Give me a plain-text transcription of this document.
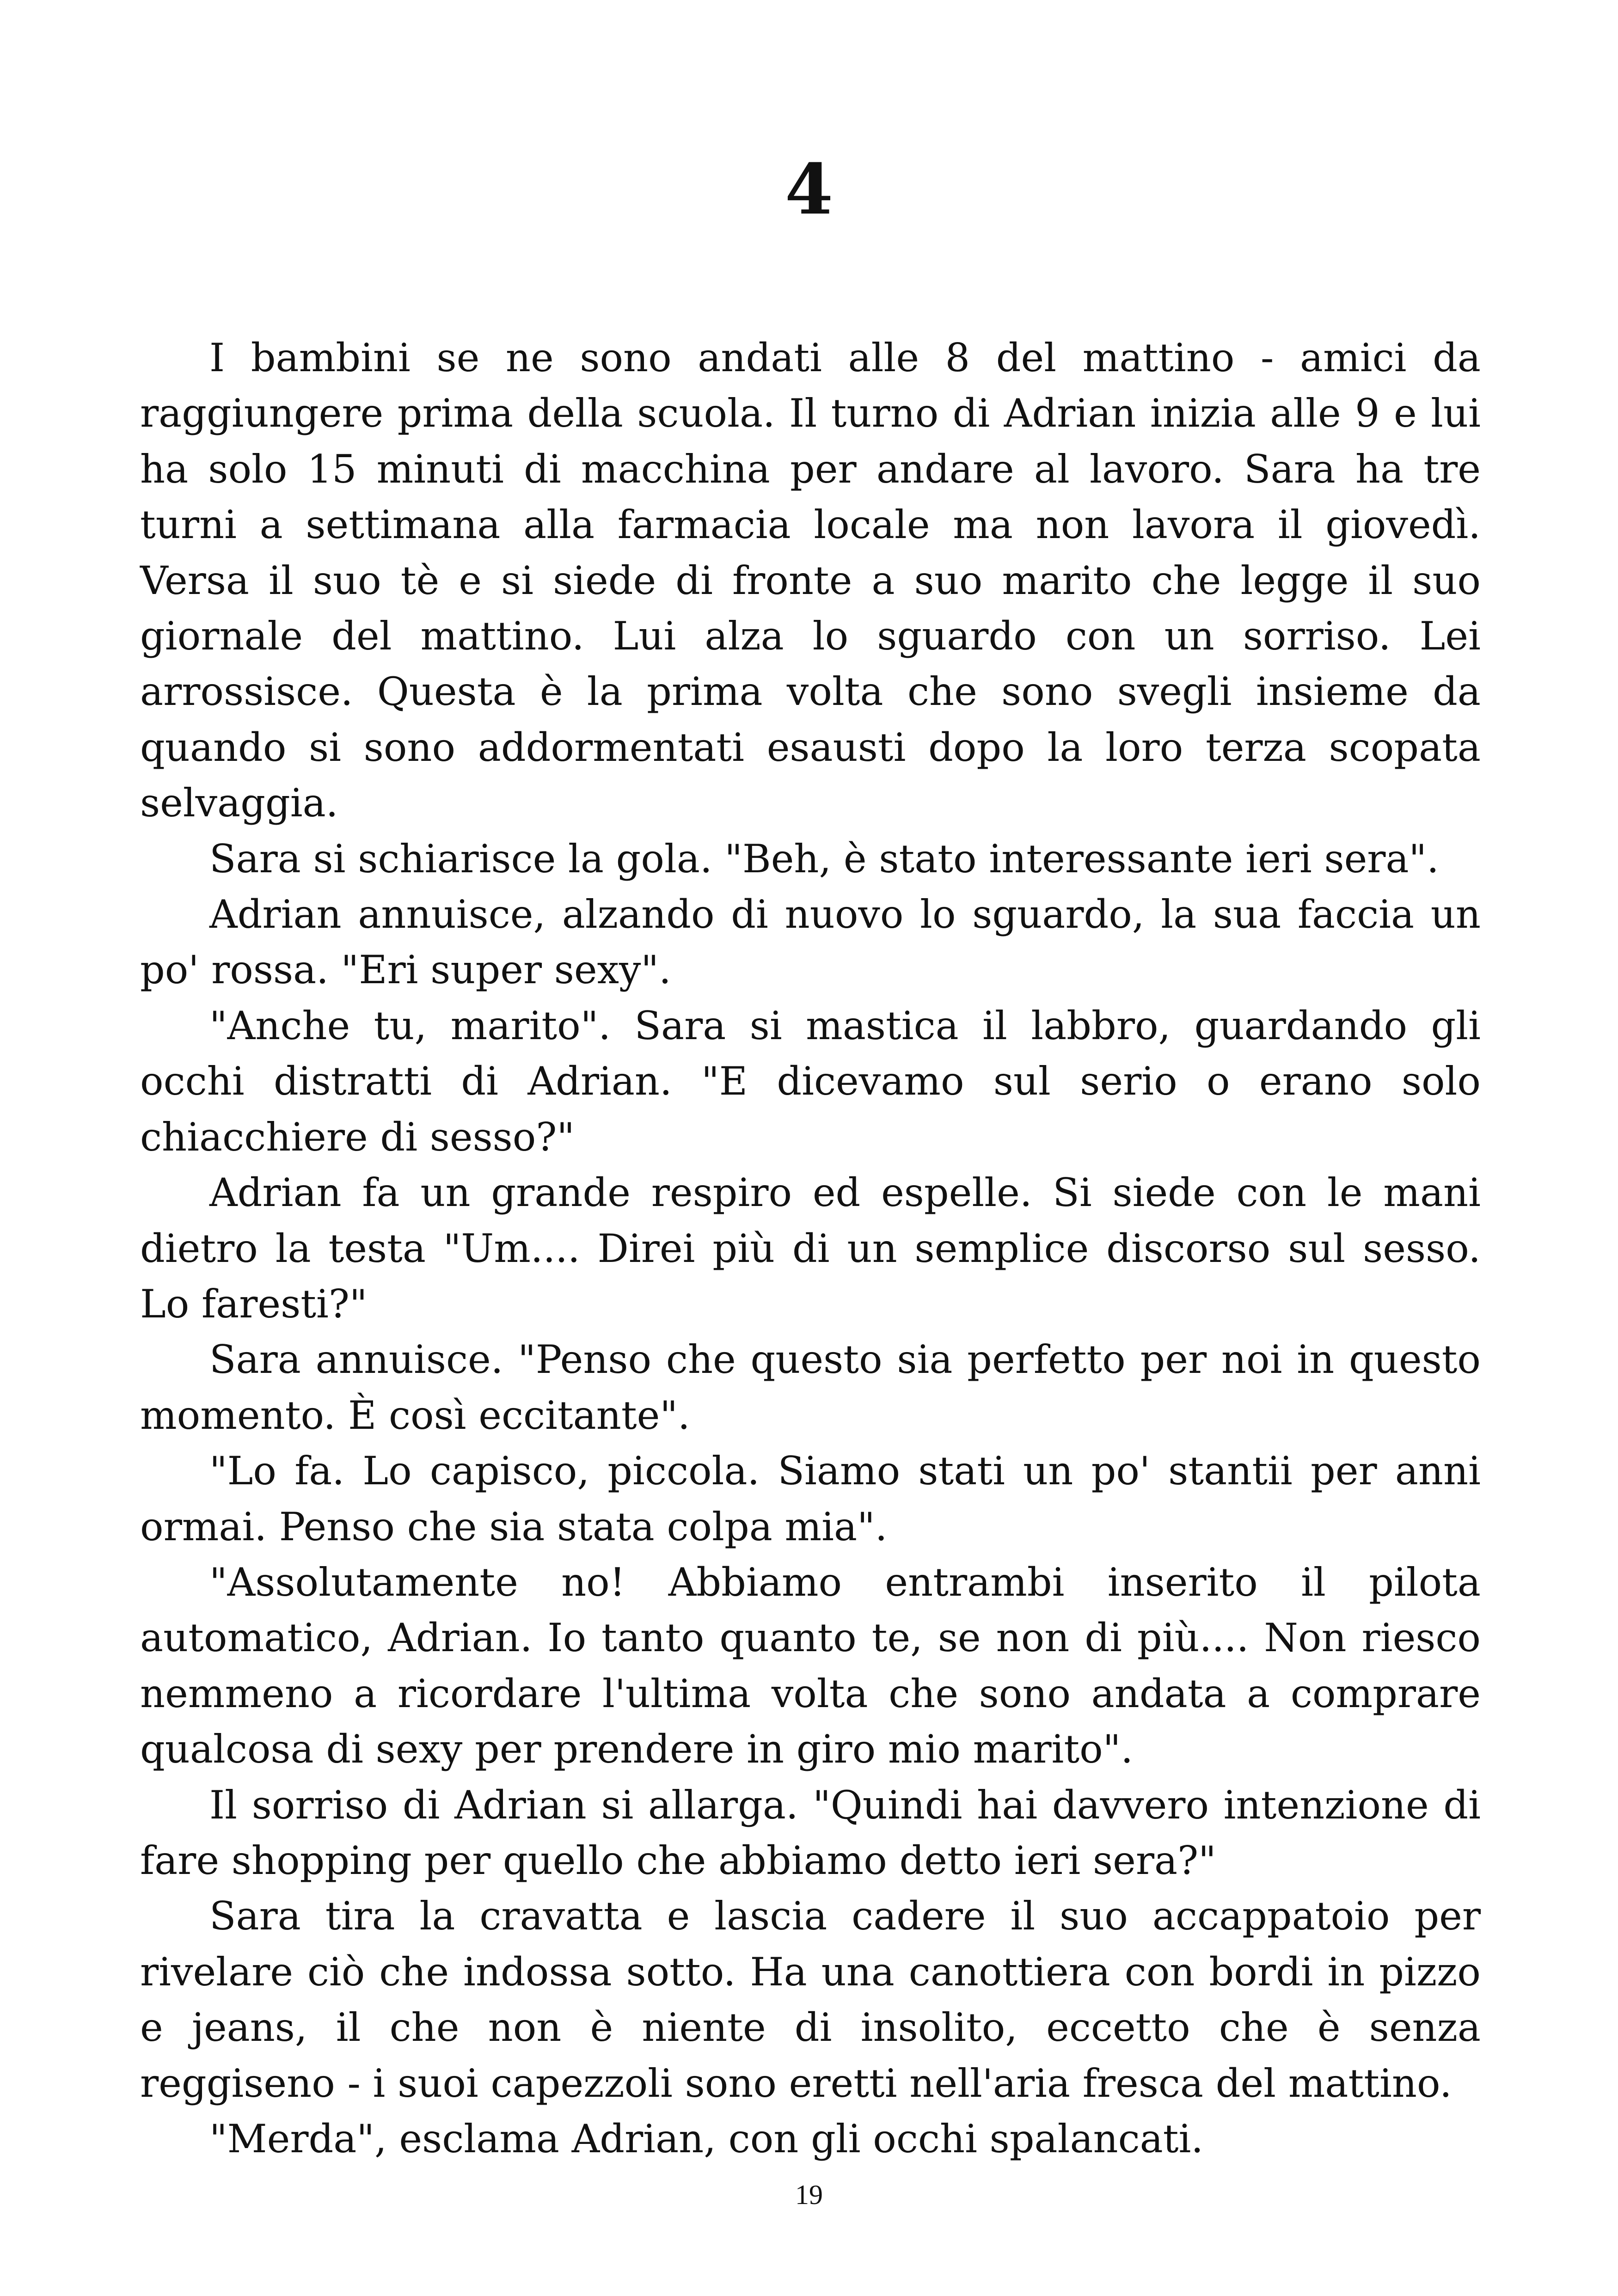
4

I bambini se ne sono andati alle 8 del mattino - amici da raggiungere prima della scuola. Il turno di Adrian inizia alle 9 e lui ha solo 15 minuti di macchina per andare al lavoro. Sara ha tre turni a settimana alla farmacia locale ma non lavora il giovedì. Versa il suo tè e si siede di fronte a suo marito che legge il suo giornale del mattino. Lui alza lo sguardo con un sorriso. Lei arrossisce. Questa è la prima volta che sono svegli insieme da quando si sono addormentati esausti dopo la loro terza scopata selvaggia.

Sara si schiarisce la gola. "Beh, è stato interessante ieri sera".

Adrian annuisce, alzando di nuovo lo sguardo, la sua faccia un po' rossa. "Eri super sexy".

"Anche tu, marito". Sara si mastica il labbro, guardando gli occhi distratti di Adrian. "E dicevamo sul serio o erano solo chiacchiere di sesso?"

Adrian fa un grande respiro ed espelle. Si siede con le mani dietro la testa "Um.... Direi più di un semplice discorso sul sesso. Lo faresti?"

Sara annuisce. "Penso che questo sia perfetto per noi in questo momento. È così eccitante".

"Lo fa. Lo capisco, piccola. Siamo stati un po' stantii per anni ormai. Penso che sia stata colpa mia".

"Assolutamente no! Abbiamo entrambi inserito il pilota automatico, Adrian. Io tanto quanto te, se non di più.... Non riesco nemmeno a ricordare l'ultima volta che sono andata a comprare qualcosa di sexy per prendere in giro mio marito".

Il sorriso di Adrian si allarga. "Quindi hai davvero intenzione di fare shopping per quello che abbiamo detto ieri sera?"

Sara tira la cravatta e lascia cadere il suo accappatoio per rivelare ciò che indossa sotto. Ha una canottiera con bordi in pizzo e jeans, il che non è niente di insolito, eccetto che è senza reggiseno - i suoi capezzoli sono eretti nell'aria fresca del mattino.

"Merda", esclama Adrian, con gli occhi spalancati.

19
